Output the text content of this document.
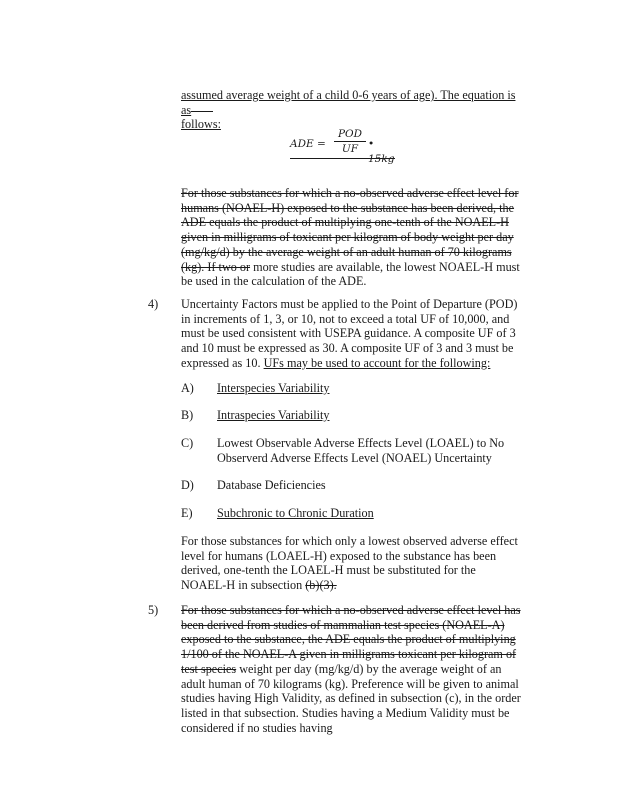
assumed average weight of a child 0-6 years of age). The equation is as
follows:
ADE =
POD
UF • 15kg
For those substances for which a no-observed adverse effect level for humans (NOAEL-H) exposed to the substance has been derived, the ADE equals the product of multiplying one-tenth of the NOAEL-H given in milligrams of toxicant per kilogram of body weight per day (mg/kg/d) by the average weight of an adult human of 70 kilograms (kg). If two or more studies are available, the lowest NOAEL-H must be used in the calculation of the ADE.
4) Uncertainty Factors must be applied to the Point of Departure (POD) in increments of 1, 3, or 10, not to exceed a total UF of 10,000, and must be used consistent with USEPA guidance. A composite UF of 3 and 10 must be expressed as 30. A composite UF of 3 and 3 must be expressed as 10. UFs may be used to account for the following:
A) Interspecies Variability
B) Intraspecies Variability
C) Lowest Observable Adverse Effects Level (LOAEL) to No Observerd Adverse Effects Level (NOAEL) Uncertainty
D) Database Deficiencies
E) Subchronic to Chronic Duration
For those substances for which only a lowest observed adverse effect level for humans (LOAEL-H) exposed to the substance has been derived, one-tenth the LOAEL-H must be substituted for the NOAEL-H in subsection (b)(3).
5) For those substances for which a no-observed adverse effect level has been derived from studies of mammalian test species (NOAEL-A) exposed to the substance, the ADE equals the product of multiplying 1/100 of the NOAEL-A given in milligrams toxicant per kilogram of test species weight per day (mg/kg/d) by the average weight of an adult human of 70 kilograms (kg). Preference will be given to animal studies having High Validity, as defined in subsection (c), in the order listed in that subsection. Studies having a Medium Validity must be considered if no studies having
